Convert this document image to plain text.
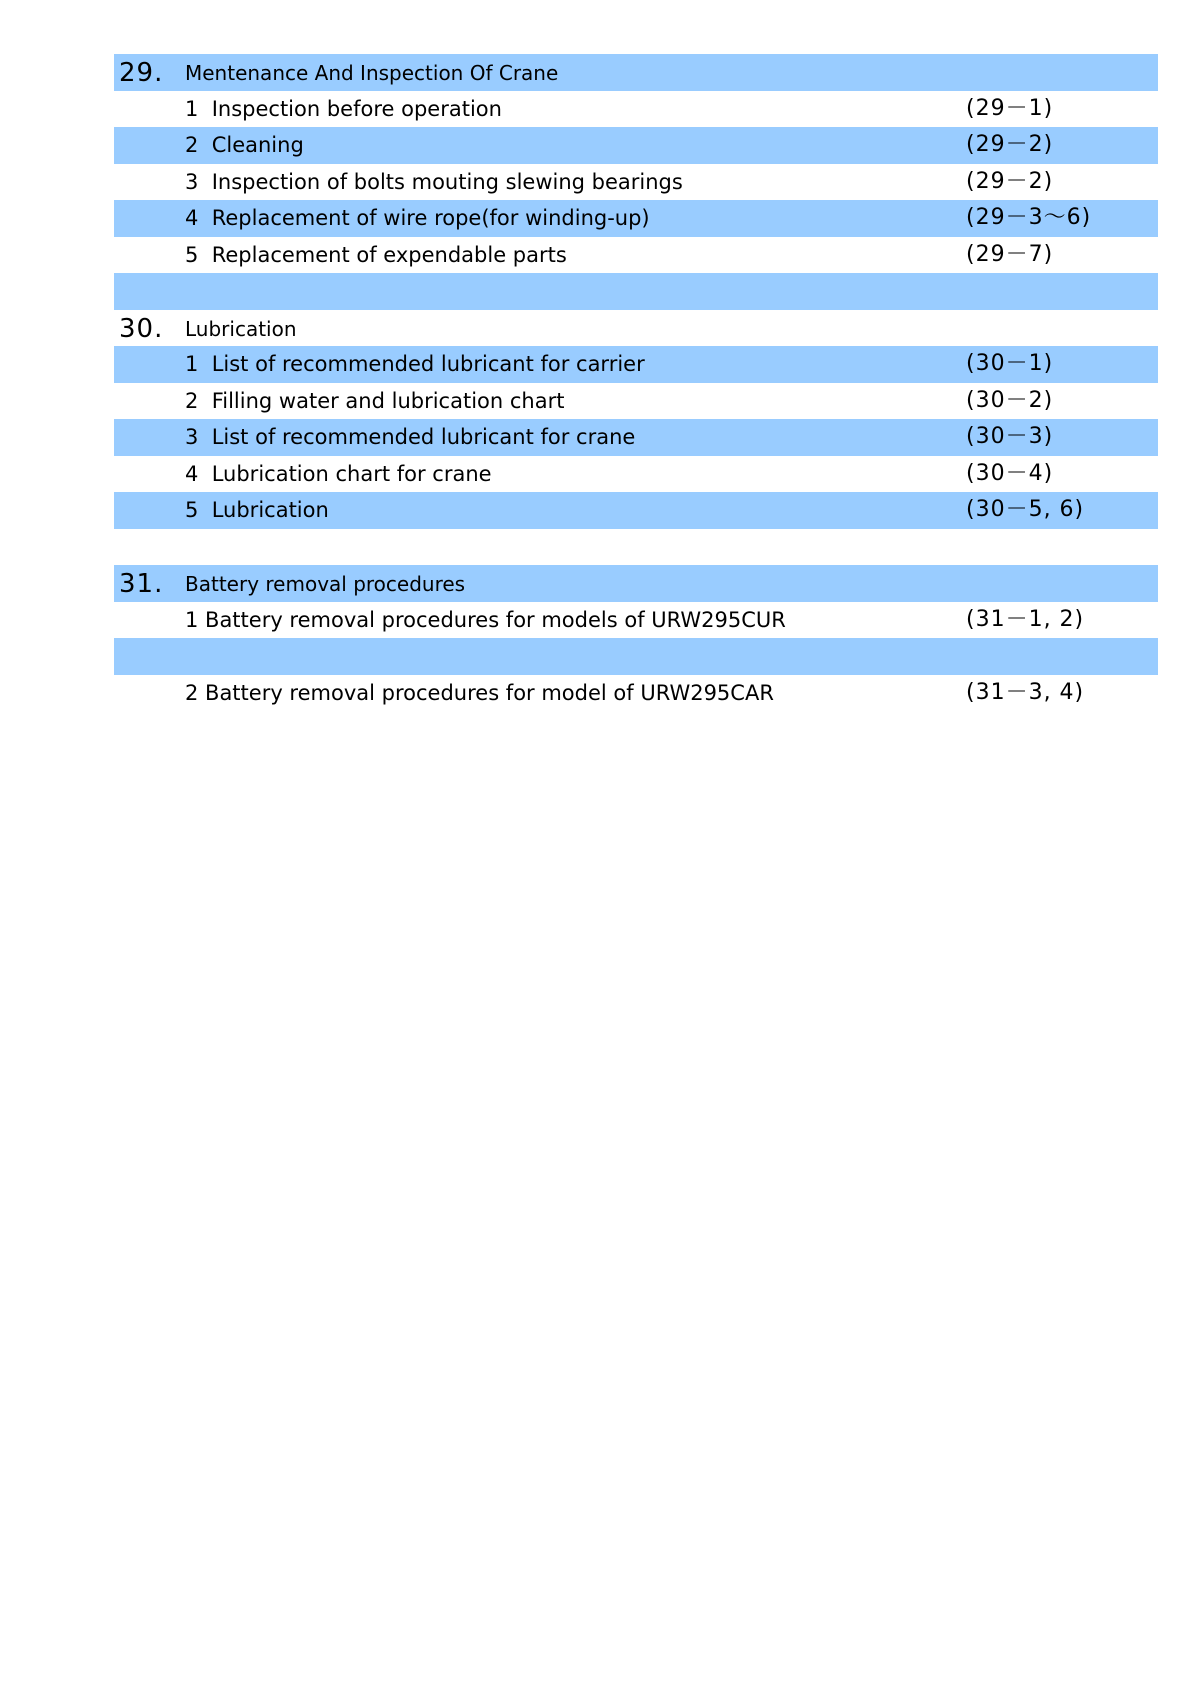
29. Mentenance And Inspection Of Crane
1  Inspection before operation	(29－1)
2  Cleaning	(29－2)
3  Inspection of bolts mouting slewing bearings	(29－2)
4  Replacement of wire rope(for winding-up)	(29－3～6)
5  Replacement of expendable parts	(29－7)
30. Lubrication
1  List of recommended lubricant for carrier	(30－1)
2  Filling water and lubrication chart	(30－2)
3  List of recommended lubricant for crane	(30－3)
4  Lubrication chart for crane	(30－4)
5  Lubrication	(30－5, 6)
31. Battery removal procedures
1 Battery removal procedures for models of URW295CUR	(31－1, 2)
2 Battery removal procedures for model of URW295CAR	(31－3, 4)
